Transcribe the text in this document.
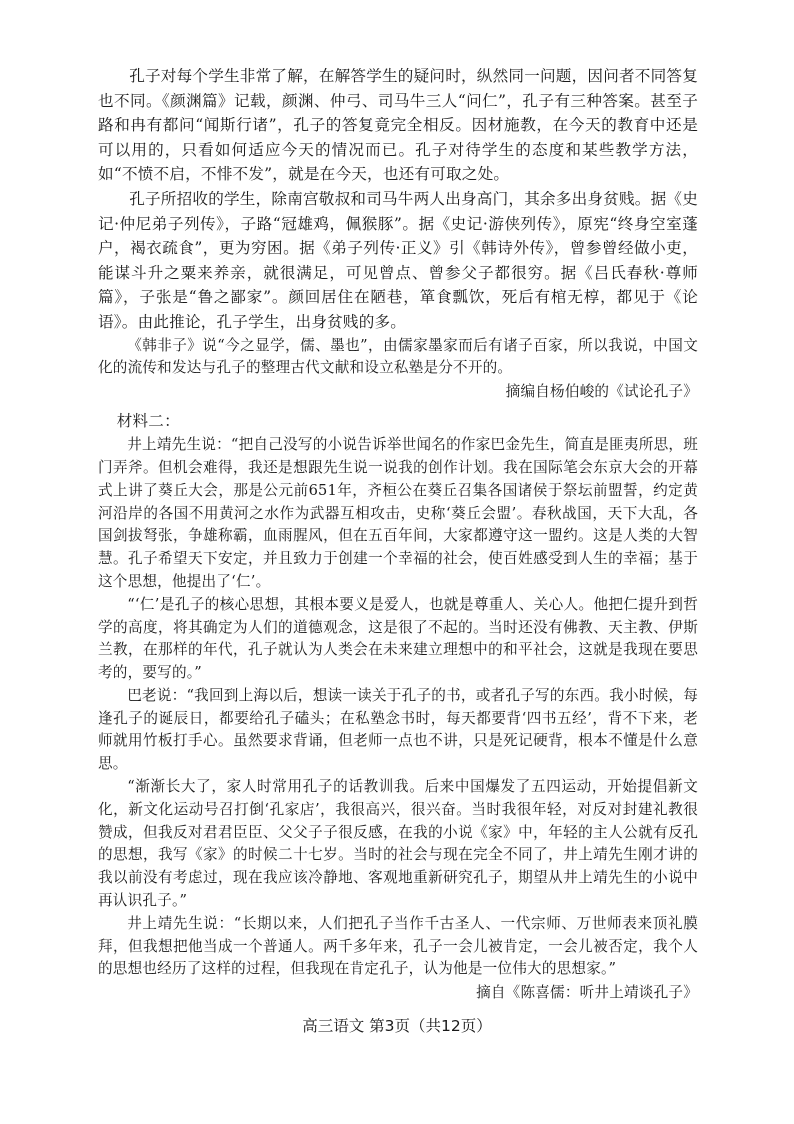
孔子对每个学生非常了解，在解答学生的疑问时，纵然同一问题，因问者不同答复也不同。《颜渊篇》记载，颜渊、仲弓、司马牛三人“问仁”，孔子有三种答案。甚至子路和冉有都问“闻斯行诸”，孔子的答复竟完全相反。因材施教，在今天的教育中还是可以用的，只看如何适应今天的情况而已。孔子对待学生的态度和某些教学方法，如“不愤不启，不悱不发”，就是在今天，也还有可取之处。

孔子所招收的学生，除南宫敬叔和司马牛两人出身高门，其余多出身贫贱。据《史记·仲尼弟子列传》，子路“冠雄鸡，佩猴豚”。据《史记·游侠列传》，原宪“终身空室蓬户，褐衣疏食”，更为穷困。据《弟子列传·正义》引《韩诗外传》，曾参曾经做小吏，能谋斗升之粟来养亲，就很满足，可见曾点、曾参父子都很穷。据《吕氏春秋·尊师篇》，子张是“鲁之鄙家”。颜回居住在陋巷，箪食瓢饮，死后有棺无椁，都见于《论语》。由此推论，孔子学生，出身贫贱的多。

《韩非子》说“今之显学，儒、墨也”，由儒家墨家而后有诸子百家，所以我说，中国文化的流传和发达与孔子的整理古代文献和设立私塾是分不开的。

摘编自杨伯峻的《试论孔子》

材料二：

井上靖先生说：“把自己没写的小说告诉举世闻名的作家巴金先生，简直是匪夷所思，班门弄斧。但机会难得，我还是想跟先生说一说我的创作计划。我在国际笔会东京大会的开幕式上讲了葵丘大会，那是公元前651年，齐桓公在葵丘召集各国诸侯于祭坛前盟誓，约定黄河沿岸的各国不用黄河之水作为武器互相攻击，史称‘葵丘会盟’。春秋战国，天下大乱，各国剑拔弩张，争雄称霸，血雨腥风，但在五百年间，大家都遵守这一盟约。这是人类的大智慧。孔子希望天下安定，并且致力于创建一个幸福的社会，使百姓感受到人生的幸福；基于这个思想，他提出了‘仁’。

“‘仁’是孔子的核心思想，其根本要义是爱人，也就是尊重人、关心人。他把仁提升到哲学的高度，将其确定为人们的道德观念，这是很了不起的。当时还没有佛教、天主教、伊斯兰教，在那样的年代，孔子就认为人类会在未来建立理想中的和平社会，这就是我现在要思考的，要写的。”

巴老说：“我回到上海以后，想读一读关于孔子的书，或者孔子写的东西。我小时候，每逢孔子的诞辰日，都要给孔子磕头；在私塾念书时，每天都要背‘四书五经’，背不下来，老师就用竹板打手心。虽然要求背诵，但老师一点也不讲，只是死记硬背，根本不懂是什么意思。

“渐渐长大了，家人时常用孔子的话教训我。后来中国爆发了五四运动，开始提倡新文化，新文化运动号召打倒‘孔家店’，我很高兴，很兴奋。当时我很年轻，对反对封建礼教很赞成，但我反对君君臣臣、父父子子很反感，在我的小说《家》中，年轻的主人公就有反孔的思想，我写《家》的时候二十七岁。当时的社会与现在完全不同了，井上靖先生刚才讲的我以前没有考虑过，现在我应该冷静地、客观地重新研究孔子，期望从井上靖先生的小说中再认识孔子。”

井上靖先生说：“长期以来，人们把孔子当作千古圣人、一代宗师、万世师表来顶礼膜拜，但我想把他当成一个普通人。两千多年来，孔子一会儿被肯定，一会儿被否定，我个人的思想也经历了这样的过程，但我现在肯定孔子，认为他是一位伟大的思想家。”

摘自《陈喜儒：听井上靖谈孔子》

高三语文 第3页（共12页）
